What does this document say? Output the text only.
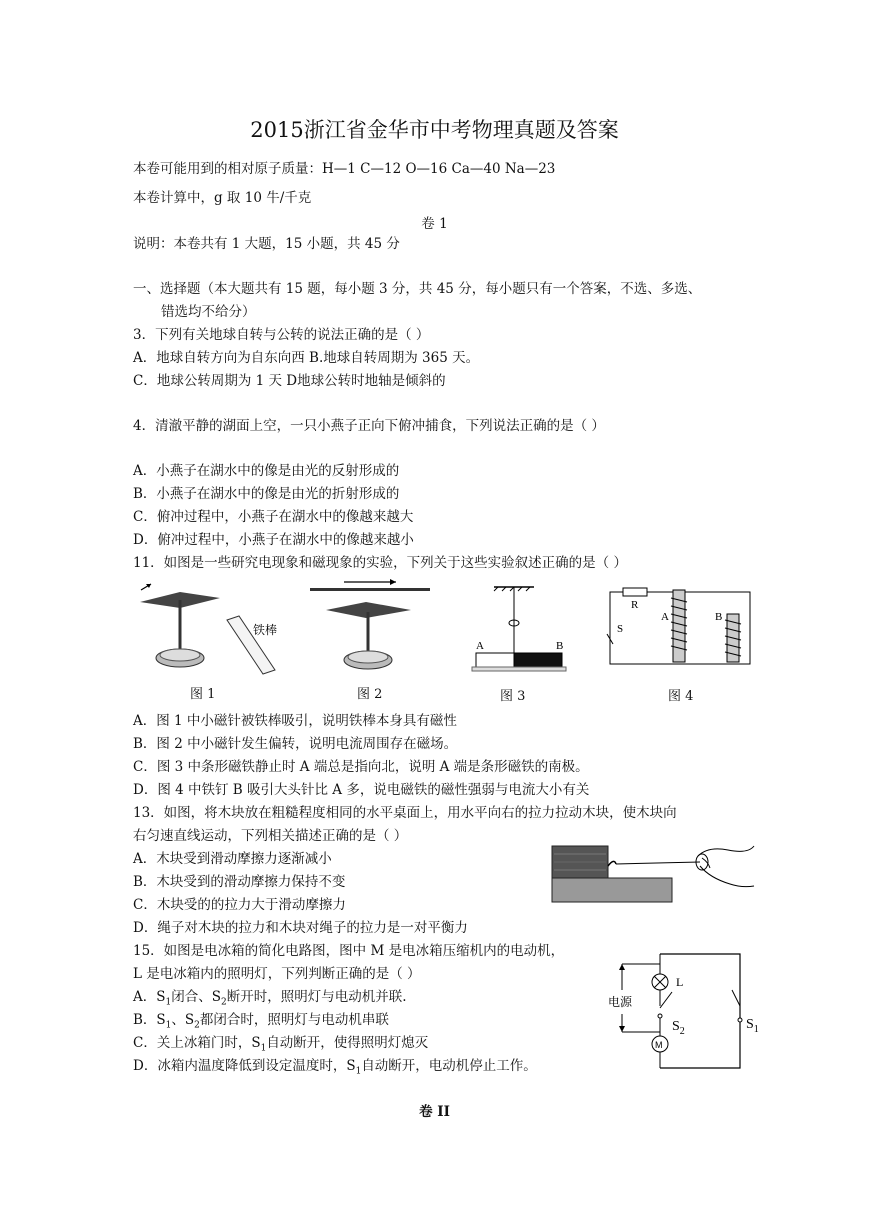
2015浙江省金华市中考物理真题及答案
本卷可能用到的相对原子质量：H—1 C—12 O—16 Ca—40 Na—23
本卷计算中，g 取 10 牛/千克
卷 1
说明：本卷共有 1 大题，15 小题，共 45 分
一、选择题（本大题共有 15 题，每小题 3 分，共 45 分，每小题只有一个答案，不选、多选、
错选均不给分）
3．下列有关地球自转与公转的说法正确的是（ ）
A．地球自转方向为自东向西 B.地球自转周期为 365 天。
C．地球公转周期为 1 天 D地球公转时地轴是倾斜的
4．清澈平静的湖面上空，一只小燕子正向下俯冲捕食，下列说法正确的是（ ）
A．小燕子在湖水中的像是由光的反射形成的
B．小燕子在湖水中的像是由光的折射形成的
C．俯冲过程中，小燕子在湖水中的像越来越大
D．俯冲过程中，小燕子在湖水中的像越来越小
11．如图是一些研究电现象和磁现象的实验，下列关于这些实验叙述正确的是（ ）
铁棒
图 1	图 2
A	B
图 3
R
S
A	B
图 4
A．图 1 中小磁针被铁棒吸引，说明铁棒本身具有磁性
B．图 2 中小磁针发生偏转，说明电流周围存在磁场。
C．图 3 中条形磁铁静止时 A 端总是指向北，说明 A 端是条形磁铁的南极。
D．图 4 中铁钉 B 吸引大头针比 A 多，说电磁铁的磁性强弱与电流大小有关
13．如图，将木块放在粗糙程度相同的水平桌面上，用水平向右的拉力拉动木块，使木块向
右匀速直线运动，下列相关描述正确的是（ ）
A．木块受到滑动摩擦力逐渐减小
B．木块受到的滑动摩擦力保持不变
C．木块受的的拉力大于滑动摩擦力
D．绳子对木块的拉力和木块对绳子的拉力是一对平衡力
15．如图是电冰箱的简化电路图，图中 M 是电冰箱压缩机内的电动机，
L 是电冰箱内的照明灯，下列判断正确的是（ ）
A．$S_1$闭合、$S_2$断开时，照明灯与电动机并联.
B．$S_1$、$S_2$都闭合时，照明灯与电动机串联
C．关上冰箱门时，$S_1$自动断开，使得照明灯熄灭
D．冰箱内温度降低到设定温度时，$S_1$自动断开，电动机停止工作。
M
L
电源
$S_2$	$S_1$
卷 II
